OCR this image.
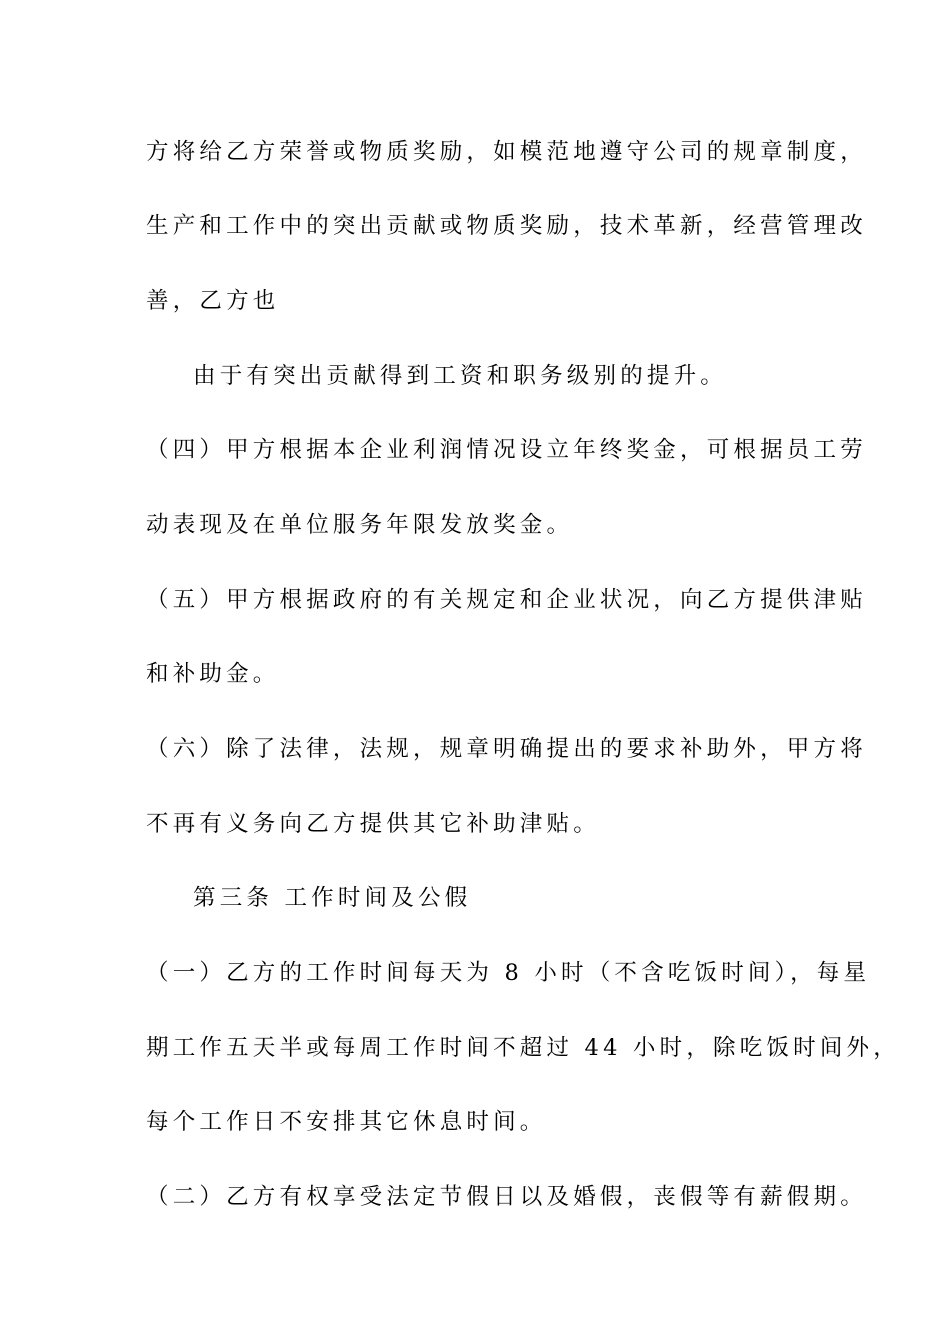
方将给乙方荣誉或物质奖励，如模范地遵守公司的规章制度，
生产和工作中的突出贡献或物质奖励，技术革新，经营管理改
善，乙方也
由于有突出贡献得到工资和职务级别的提升。
（四）甲方根据本企业利润情况设立年终奖金，可根据员工劳
动表现及在单位服务年限发放奖金。
（五）甲方根据政府的有关规定和企业状况，向乙方提供津贴
和补助金。
（六）除了法律，法规，规章明确提出的要求补助外，甲方将
不再有义务向乙方提供其它补助津贴。
第三条 工作时间及公假
（一）乙方的工作时间每天为 8 小时（不含吃饭时间），每星
期工作五天半或每周工作时间不超过 44 小时，除吃饭时间外，
每个工作日不安排其它休息时间。
（二）乙方有权享受法定节假日以及婚假，丧假等有薪假期。
